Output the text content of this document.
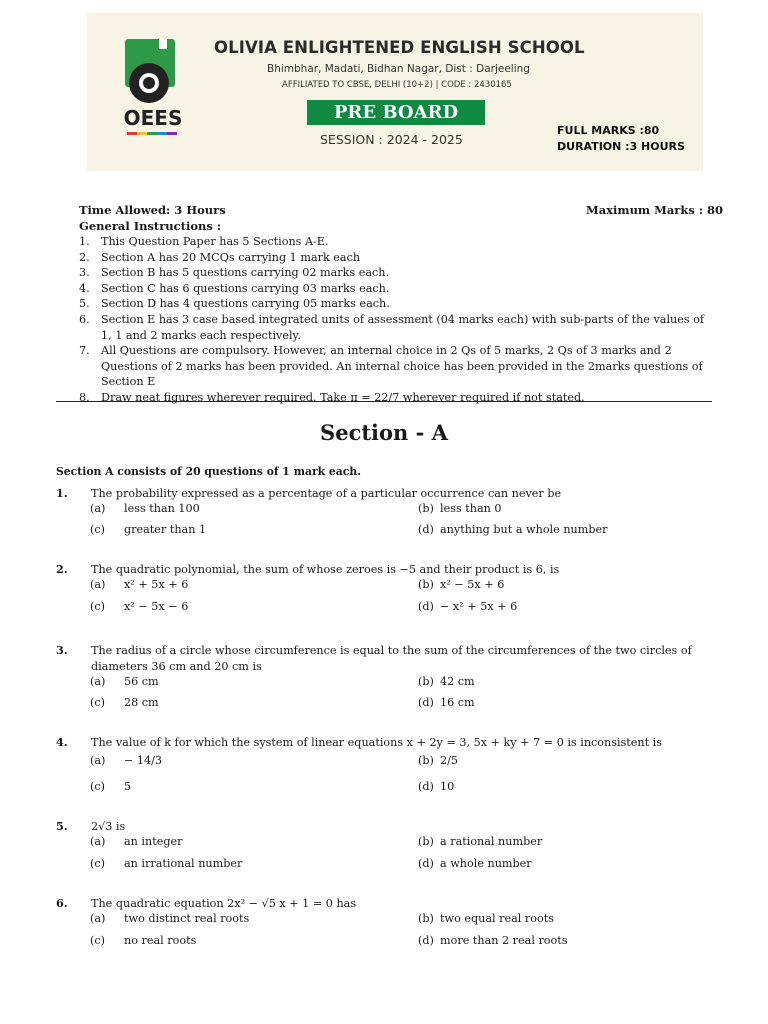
OEES
OLIVIA ENLIGHTENED ENGLISH SCHOOL
Bhimbhar, Madati, Bidhan Nagar, Dist : Darjeeling
AFFILIATED TO CBSE, DELHI (10+2) | CODE : 2430165
PRE BOARD
SESSION : 2024 - 2025
FULL MARKS :80
DURATION :3 HOURS
Time Allowed: 3 Hours	Maximum Marks : 80
General Instructions :
1.	This Question Paper has 5 Sections A-E.
2.	Section A has 20 MCQs carrying 1 mark each
3.	Section B has 5 questions carrying 02 marks each.
4.	Section C has 6 questions carrying 03 marks each.
5.	Section D has 4 questions carrying 05 marks each.
6.	Section E has 3 case based integrated units of assessment (04 marks each) with sub-parts of the values of 1, 1 and 2 marks each respectively.
7.	All Questions are compulsory. However, an internal choice in 2 Qs of 5 marks, 2 Qs of 3 marks and 2 Questions of 2 marks has been provided. An internal choice has been provided in the 2marks questions of Section E
8.	Draw neat figures wherever required. Take π = 22/7 wherever required if not stated.
Section - A
Section A consists of 20 questions of 1 mark each.
1. The probability expressed as a percentage of a particular occurrence can never be
(a)	less than 100	(b) less than 0
(c)	greater than 1	(d) anything but a whole number
2. The quadratic polynomial, the sum of whose zeroes is −5 and their product is 6, is
(a)	x² + 5x + 6	(b) x² − 5x + 6
(c)	x² − 5x − 6	(d) − x² + 5x + 6
3. The radius of a circle whose circumference is equal to the sum of the circumferences of the two circles of diameters 36 cm and 20 cm is
(a)	56 cm	(b) 42 cm
(c)	28 cm	(d) 16 cm
4. The value of k for which the system of linear equations x + 2y = 3, 5x + ky + 7 = 0 is inconsistent is
(a)	− 14/3	(b) 2/5
(c)	5	(d) 10
5. 2√3 is
(a)	an integer	(b) a rational number
(c)	an irrational number	(d) a whole number
6. The quadratic equation 2x² − √5 x + 1 = 0 has
(a)	two distinct real roots	(b) two equal real roots
(c)	no real roots	(d) more than 2 real roots
